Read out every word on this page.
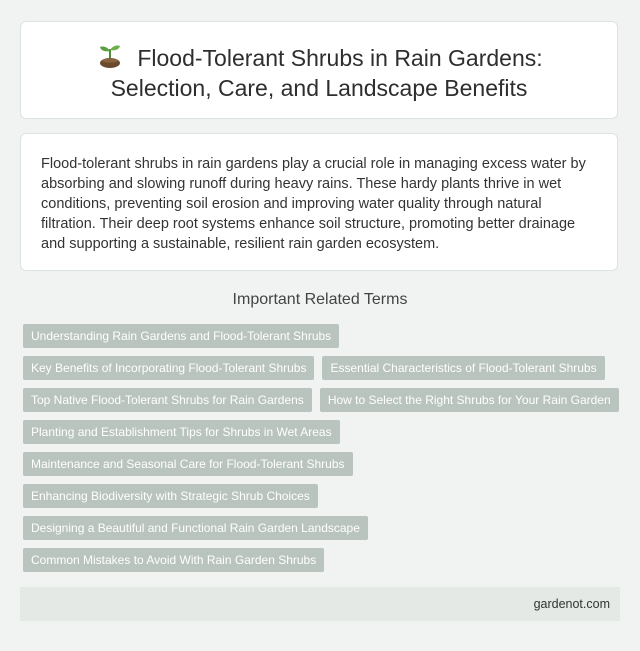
Flood-Tolerant Shrubs in Rain Gardens:
Selection, Care, and Landscape Benefits

Flood-tolerant shrubs in rain gardens play a crucial role in managing excess water by absorbing and slowing runoff during heavy rains. These hardy plants thrive in wet conditions, preventing soil erosion and improving water quality through natural filtration. Their deep root systems enhance soil structure, promoting better drainage and supporting a sustainable, resilient rain garden ecosystem.

Important Related Terms
Understanding Rain Gardens and Flood-Tolerant Shrubs
Key Benefits of Incorporating Flood-Tolerant Shrubs	Essential Characteristics of Flood-Tolerant Shrubs
Top Native Flood-Tolerant Shrubs for Rain Gardens	How to Select the Right Shrubs for Your Rain Garden
Planting and Establishment Tips for Shrubs in Wet Areas
Maintenance and Seasonal Care for Flood-Tolerant Shrubs
Enhancing Biodiversity with Strategic Shrub Choices
Designing a Beautiful and Functional Rain Garden Landscape
Common Mistakes to Avoid With Rain Garden Shrubs
gardenot.com
